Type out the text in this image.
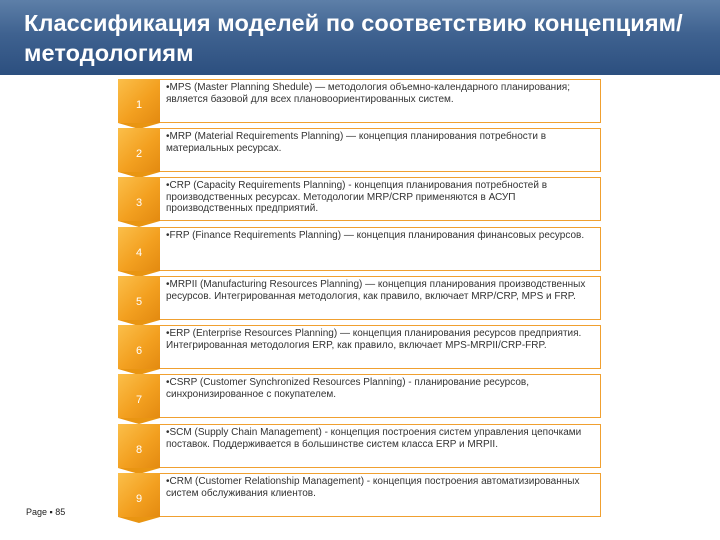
Классификация моделей по соответствию концепциям/ методологиям
1
•MPS (Master Planning Shedule) — методология объемно-календарного планирования; является базовой для всех плановоориентированных систем.
2
•MRP (Material Requirements Planning) — концепция планирования потребности в материальных ресурсах.
3
•CRP (Capacity Requirements Planning) - концепция планирования потребностей в производственных ресурсах. Методологии MRP/CRP применяются в АСУП производственных предприятий.
4
•FRP (Finance Requirements Planning) — концепция планирования финансовых ресурсов.
5
•MRPII (Manufacturing Resources Planning) — концепция планирования производственных ресурсов. Интегрированная методология, как правило, включает MRP/CRP, MPS и FRP.
6
•ERP (Enterprise Resources Planning) — концепция планирования ресурсов предприятия. Интегрированная методология ERP, как правило, включает MPS-MRPII/CRP-FRP.
7
•CSRP (Customer Synchronized Resources Planning) - планирование ресурсов, синхронизированное с покупателем.
8
•SCM (Supply Chain Management) - концепция построения систем управления цепочками поставок. Поддерживается в большинстве систем класса ERP и MRPII.
9
•CRM (Customer Relationship Management) - концепция построения автоматизированных систем обслуживания клиентов.
Page ▪ 85
